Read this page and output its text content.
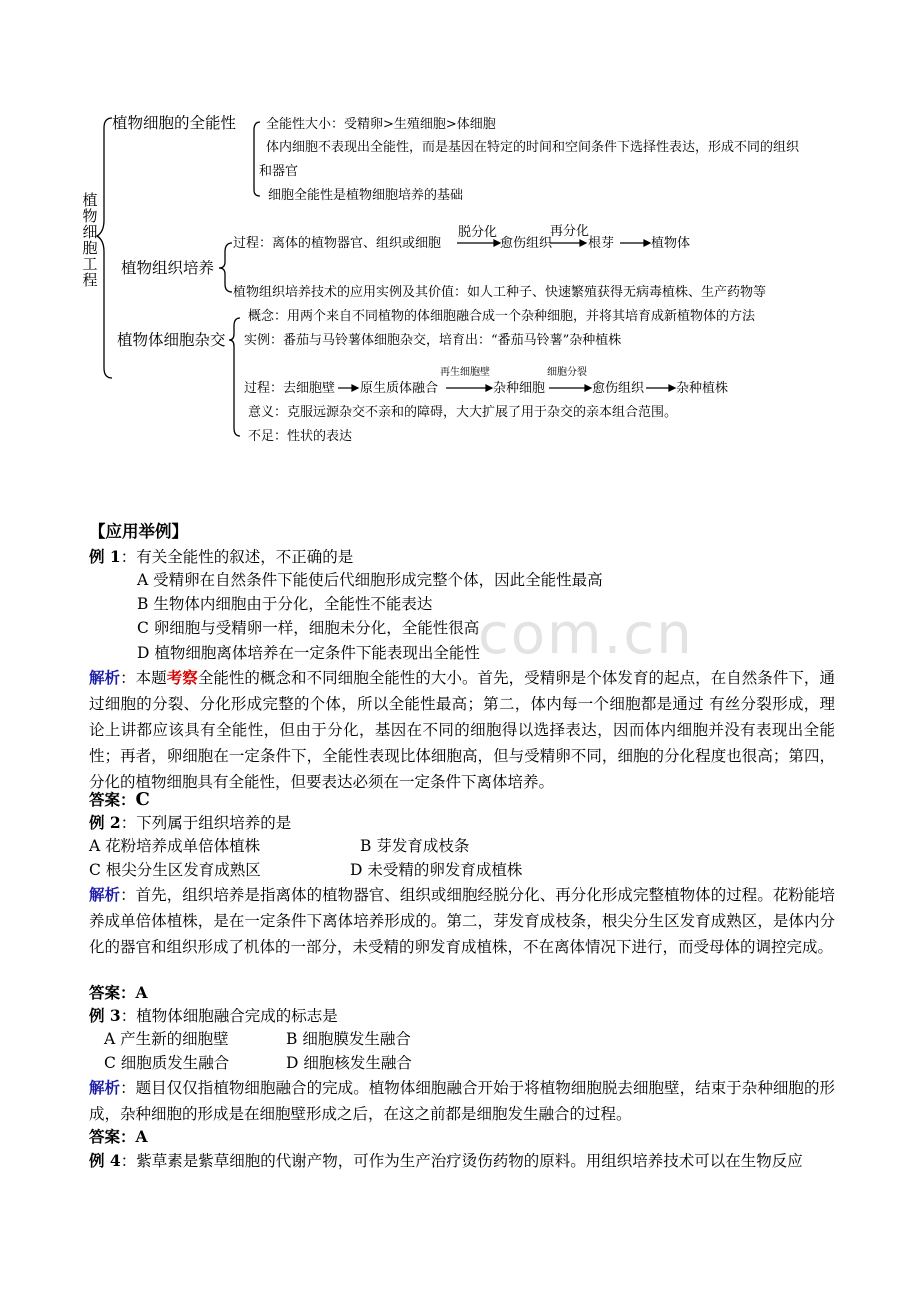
com.cn
植物细胞工程
植物细胞的全能性 全能性大小：受精卵>生殖细胞>体细胞
体内细胞不表现出全能性，而是基因在特定的时间和空间条件下选择性表达，形成不同的组织
和器官
细胞全能性是植物细胞培养的基础
植物组织培养
过程：离体的植物器官、组织或细胞
脱分化
愈伤组织
再分化
根芽	植物体
植物组织培养技术的应用实例及其价值：如人工种子、快速繁殖获得无病毒植株、生产药物等
植物体细胞杂交
概念：用两个来自不同植物的体细胞融合成一个杂种细胞，并将其培育成新植物体的方法
实例：番茄与马铃薯体细胞杂交，培育出：“番茄马铃薯”杂种植株
过程：去细胞壁 原生质体融合
再生细胞壁
杂种细胞
细胞分裂
愈伤组织 杂种植株
意义：克服远源杂交不亲和的障碍，大大扩展了用于杂交的亲本组合范围。
不足：性状的表达
【应用举例】
例 1：有关全能性的叙述，不正确的是
A 受精卵在自然条件下能使后代细胞形成完整个体，因此全能性最高
B 生物体内细胞由于分化，全能性不能表达
C 卵细胞与受精卵一样，细胞未分化，全能性很高
D 植物细胞离体培养在一定条件下能表现出全能性
解析：本题考察全能性的概念和不同细胞全能性的大小。首先，受精卵是个体发育的起点，在自然条件下，通过细胞的分裂、分化形成完整的个体，所以全能性最高；第二，体内每一个细胞都是通过 有丝分裂形成，理论上讲都应该具有全能性，但由于分化，基因在不同的细胞得以选择表达，因而体内细胞并没有表现出全能性；再者，卵细胞在一定条件下，全能性表现比体细胞高，但与受精卵不同，细胞的分化程度也很高；第四，分化的植物细胞具有全能性，但要表达必须在一定条件下离体培养。
答案：C
例 2：下列属于组织培养的是
A 花粉培养成单倍体植株	B 芽发育成枝条
C 根尖分生区发育成熟区	D 未受精的卵发育成植株
解析：首先，组织培养是指离体的植物器官、组织或细胞经脱分化、再分化形成完整植物体的过程。花粉能培养成单倍体植株，是在一定条件下离体培养形成的。第二，芽发育成枝条，根尖分生区发育成熟区，是体内分化的器官和组织形成了机体的一部分，未受精的卵发育成植株，不在离体情况下进行，而受母体的调控完成。
答案：A
例 3：植物体细胞融合完成的标志是
A 产生新的细胞壁	B 细胞膜发生融合
C 细胞质发生融合	D 细胞核发生融合
解析：题目仅仅指植物细胞融合的完成。植物体细胞融合开始于将植物细胞脱去细胞壁，结束于杂种细胞的形成，杂种细胞的形成是在细胞壁形成之后，在这之前都是细胞发生融合的过程。
答案：A
例 4：紫草素是紫草细胞的代谢产物，可作为生产治疗烫伤药物的原料。用组织培养技术可以在生物反应
